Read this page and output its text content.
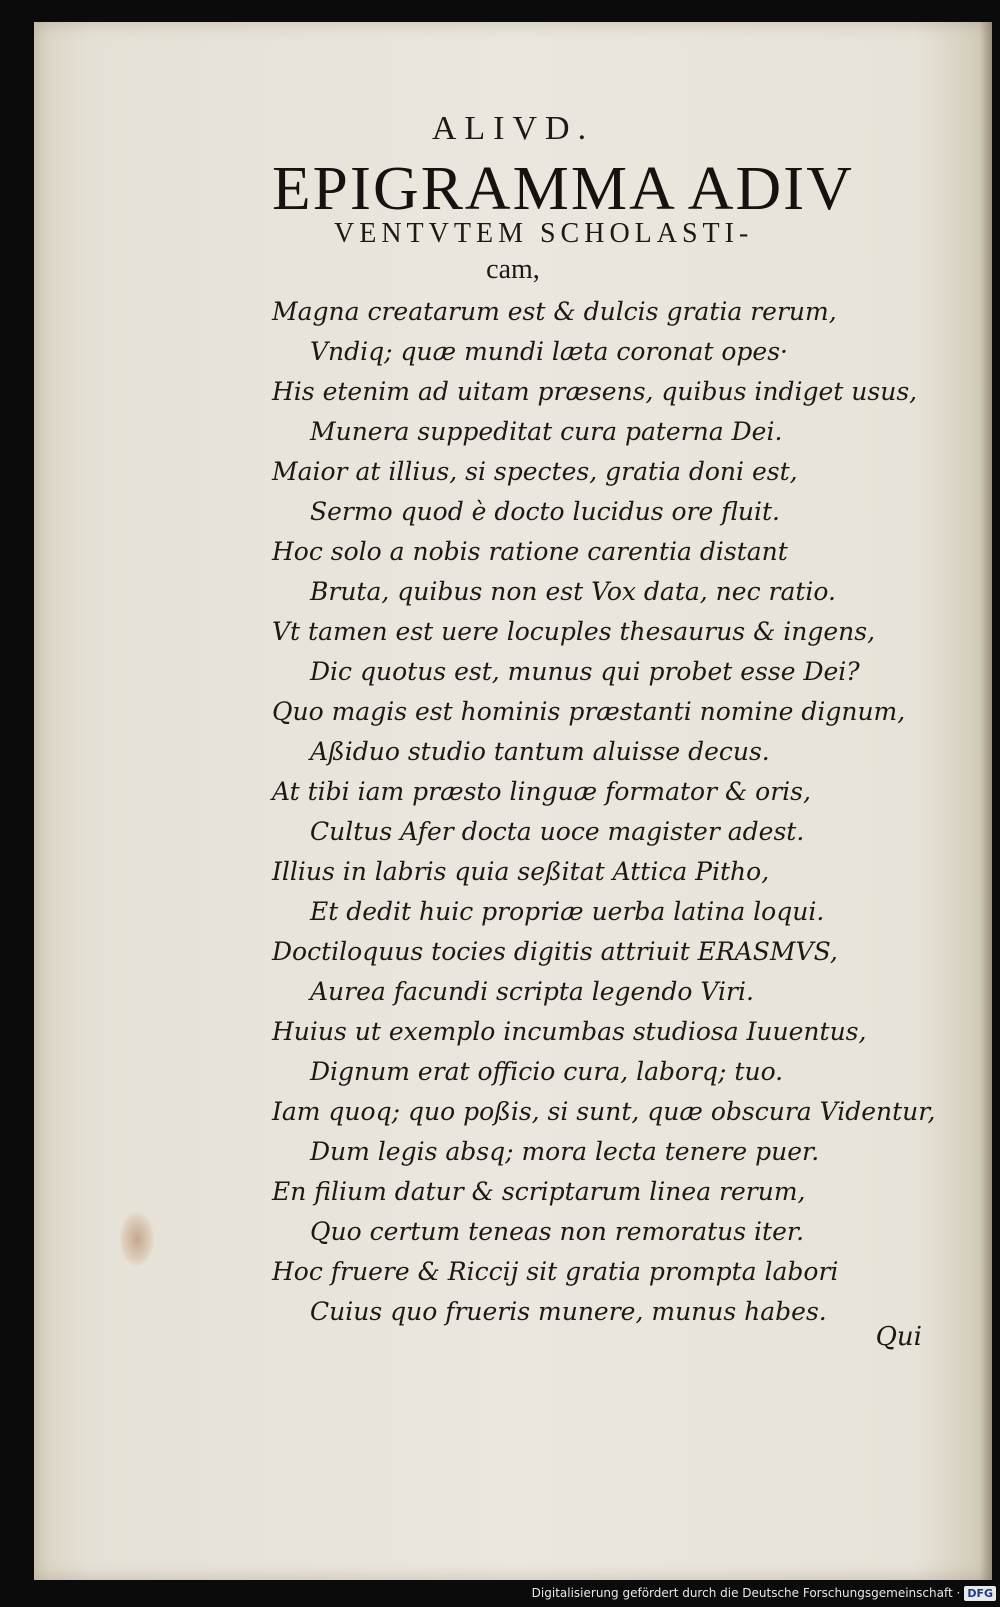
ALIVD.
EPIGRAMMA ADIV
VENTVTEM SCHOLASTI-
cam,
Magna creatarum est & dulcis gratia rerum,
Vndiq; quæ mundi læta coronat opes·
His etenim ad uitam præsens, quibus indiget usus,
Munera suppeditat cura paterna Dei.
Maior at illius, si spectes, gratia doni est,
Sermo quod è docto lucidus ore fluit.
Hoc solo a nobis ratione carentia distant
Bruta, quibus non est Vox data, nec ratio.
Vt tamen est uere locuples thesaurus & ingens,
Dic quotus est, munus qui probet esse Dei?
Quo magis est hominis præstanti nomine dignum,
Aßiduo studio tantum aluisse decus.
At tibi iam præsto linguæ formator & oris,
Cultus Afer docta uoce magister adest.
Illius in labris quia seßitat Attica Pitho,
Et dedit huic propriæ uerba latina loqui.
Doctiloquus tocies digitis attriuit ERASMVS,
Aurea facundi scripta legendo Viri.
Huius ut exemplo incumbas studiosa Iuuentus,
Dignum erat officio cura, laborq; tuo.
Iam quoq; quo poßis, si sunt, quæ obscura Videntur,
Dum legis absq; mora lecta tenere puer.
En filium datur & scriptarum linea rerum,
Quo certum teneas non remoratus iter.
Hoc fruere & Riccij sit gratia prompta labori
Cuius quo frueris munere, munus habes.
Qui
Digitalisierung gefördert durch die Deutsche Forschungsgemeinschaft · DFG
